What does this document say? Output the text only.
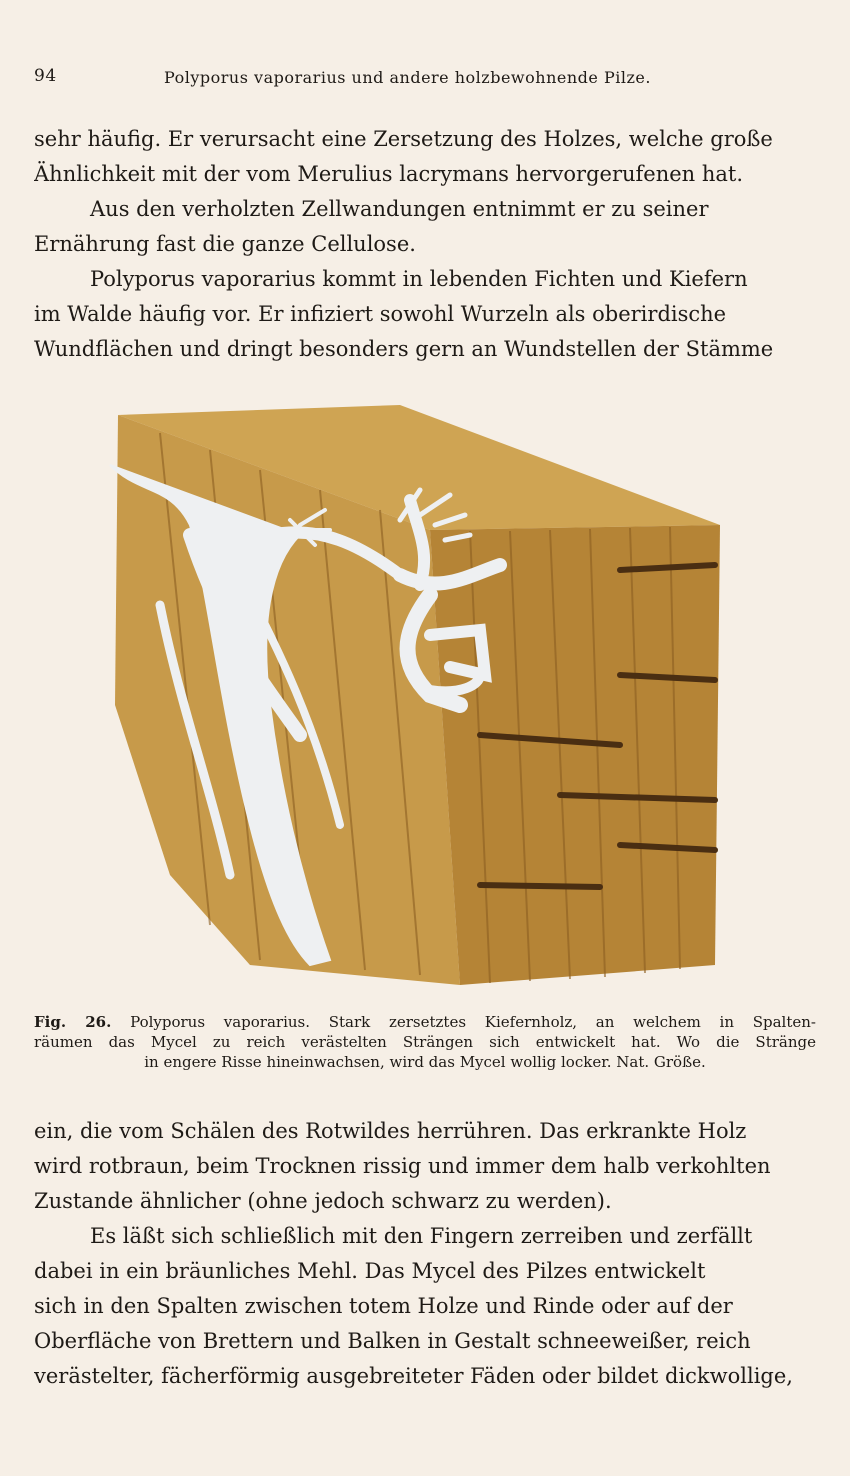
94	Polyporus vaporarius und andere holzbewohnende Pilze.

sehr häufig. Er verursacht eine Zersetzung des Holzes, welche große
Ähnlichkeit mit der vom Merulius lacrymans hervorgerufenen hat.

Aus den verholzten Zellwandungen entnimmt er zu seiner
Ernährung fast die ganze Cellulose.

Polyporus vaporarius kommt in lebenden Fichten und Kiefern
im Walde häufig vor. Er infiziert sowohl Wurzeln als oberirdische
Wundflächen und dringt besonders gern an Wundstellen der Stämme

Fig. 26. Polyporus vaporarius. Stark zersetztes Kiefernholz, an welchem in Spalten-
räumen das Mycel zu reich verästelten Strängen sich entwickelt hat. Wo die Stränge
in engere Risse hineinwachsen, wird das Mycel wollig locker. Nat. Größe.

ein, die vom Schälen des Rotwildes herrühren. Das erkrankte Holz
wird rotbraun, beim Trocknen rissig und immer dem halb verkohlten
Zustande ähnlicher (ohne jedoch schwarz zu werden).

Es läßt sich schließlich mit den Fingern zerreiben und zerfällt
dabei in ein bräunliches Mehl. Das Mycel des Pilzes entwickelt
sich in den Spalten zwischen totem Holze und Rinde oder auf der
Oberfläche von Brettern und Balken in Gestalt schneeweißer, reich
verästelter, fächerförmig ausgebreiteter Fäden oder bildet dickwollige,
